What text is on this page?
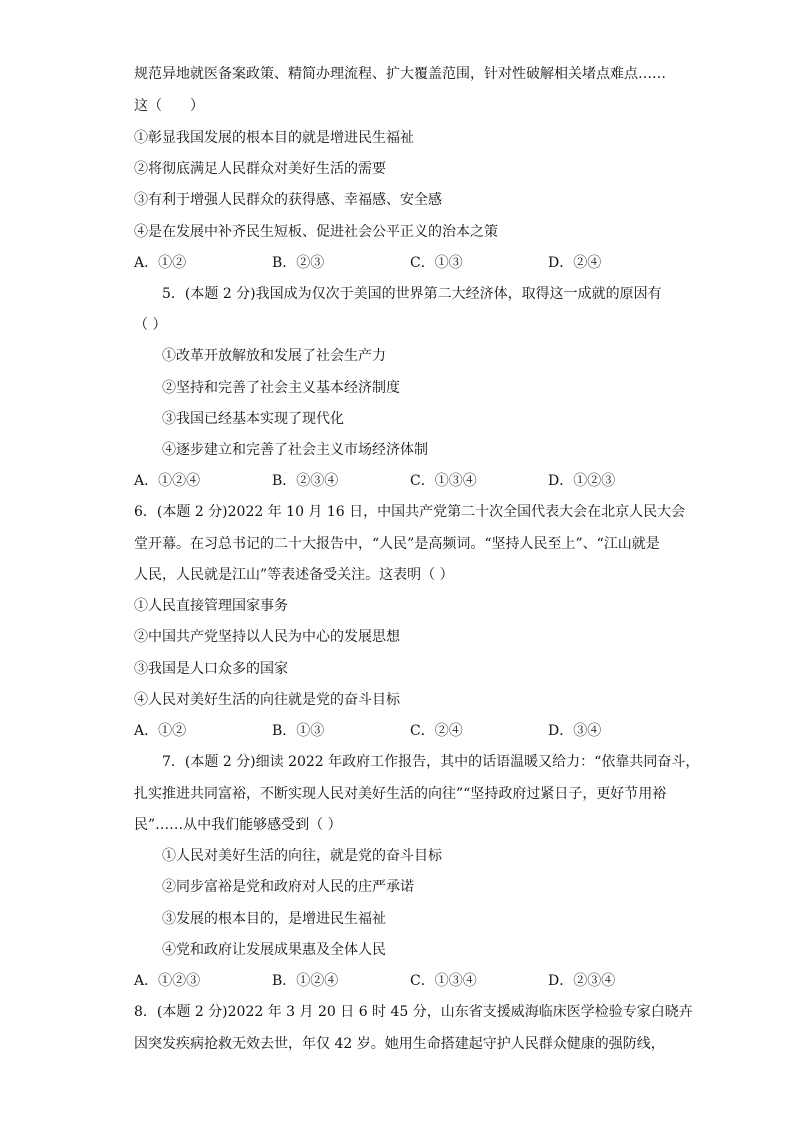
规范异地就医备案政策、精简办理流程、扩大覆盖范围，针对性破解相关堵点难点……
这（　　）
①彰显我国发展的根本目的就是增进民生福祉
②将彻底满足人民群众对美好生活的需要
③有利于增强人民群众的获得感、幸福感、安全感
④是在发展中补齐民生短板、促进社会公平正义的治本之策
A．①②	B．②③	C．①③	D．②④
5．(本题 2 分)我国成为仅次于美国的世界第二大经济体，取得这一成就的原因有
（ ）
①改革开放解放和发展了社会生产力
②坚持和完善了社会主义基本经济制度
③我国已经基本实现了现代化
④逐步建立和完善了社会主义市场经济体制
A．①②④	B．②③④	C．①③④	D．①②③
6．(本题 2 分)2022 年 10 月 16 日，中国共产党第二十次全国代表大会在北京人民大会
堂开幕。在习总书记的二十大报告中，“人民”是高频词。“坚持人民至上”、“江山就是
人民，人民就是江山”等表述备受关注。这表明（ ）
①人民直接管理国家事务
②中国共产党坚持以人民为中心的发展思想
③我国是人口众多的国家
④人民对美好生活的向往就是党的奋斗目标
A．①②	B．①③	C．②④	D．③④
7．(本题 2 分)细读 2022 年政府工作报告，其中的话语温暖又给力：“依靠共同奋斗，
扎实推进共同富裕，不断实现人民对美好生活的向往”“坚持政府过紧日子，更好节用裕
民”……从中我们能够感受到（ ）
①人民对美好生活的向往，就是党的奋斗目标
②同步富裕是党和政府对人民的庄严承诺
③发展的根本目的，是增进民生福祉
④党和政府让发展成果惠及全体人民
A．①②③	B．①②④	C．①③④	D．②③④
8．(本题 2 分)2022 年 3 月 20 日 6 时 45 分，山东省支援威海临床医学检验专家白晓卉
因突发疾病抢救无效去世，年仅 42 岁。她用生命搭建起守护人民群众健康的强防线，
